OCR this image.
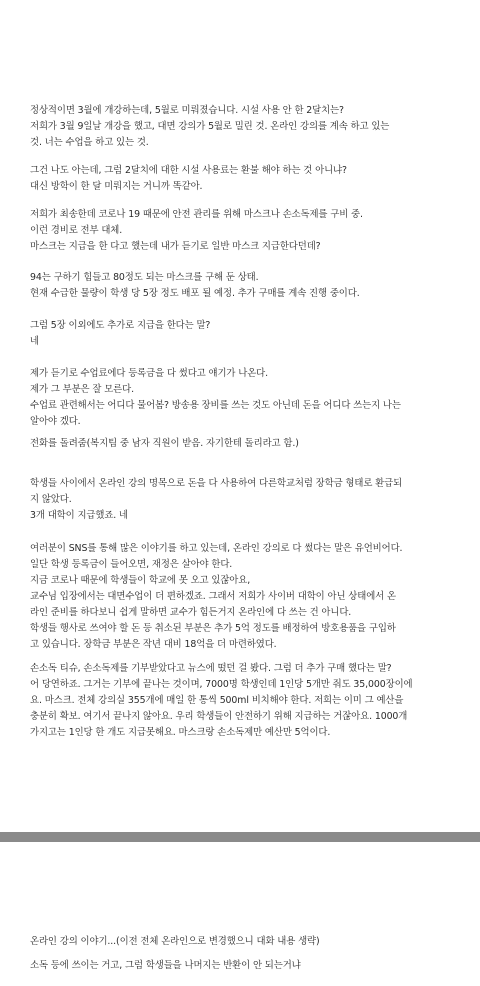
정상적이면 3월에 개강하는데, 5월로 미뤄졌습니다. 시설 사용 안 한 2달치는?
저희가 3월 9일날 개강을 했고, 대면 강의가 5월로 밀린 것. 온라인 강의를 계속 하고 있는
것. 너는 수업을 하고 있는 것.
그건 나도 아는데, 그럼 2달치에 대한 시설 사용료는 환불 해야 하는 것 아니냐?
대신 방학이 한 달 미뤄지는 거니까 똑같아.
저희가 최송한데 코로나 19 때문에 안전 관리를 위해 마스크나 손소독제를 구비 중.
이런 경비로 전부 대체.
마스크는 지급을 한 다고 했는데 내가 듣기로 일반 마스크 지급한다던데?
94는 구하기 힘들고 80정도 되는 마스크를 구해 둔 상태.
현재 수급한 물량이 학생 당 5장 정도 배포 될 예정. 추가 구매를 계속 진행 중이다.
그럼 5장 이외에도 추가로 지급을 한다는 말?
네
제가 듣기로 수업료에다 등록금을 다 썼다고 얘기가 나온다.
제가 그 부분은 잘 모른다.
수업료 관련해서는 어디다 물어봄? 방송용 장비를 쓰는 것도 아닌데 돈을 어디다 쓰는지 나는
알아야 겠다.
전화를 돌려줌(복지팀 중 남자 직원이 받음. 자기한테 돌리라고 함.)
학생들 사이에서 온라인 강의 명목으로 돈을 다 사용하여 다른학교처럼 장학금 형태로 환급되
지 않았다.
3개 대학이 지급했죠. 네
여러분이 SNS를 통해 많은 이야기를 하고 있는데, 온라인 강의로 다 썼다는 말은 유언비어다.
일단 학생 등록금이 들어오면, 재정은 살아야 한다.
지금 코로나 때문에 학생들이 학교에 못 오고 있잖아요,
교수님 입장에서는 대면수업이 더 편하겠죠. 그래서 저희가 사이버 대학이 아닌 상태에서 온
라인 준비를 하다보니 쉽게 말하면 교수가 힘든거지 온라인에 다 쓰는 건 아니다.
학생들 행사로 쓰여야 할 돈 등 취소된 부분은 추가 5억 정도를 배정하여 방호용품을 구입하
고 있습니다. 장학금 부분은 작년 대비 18억을 더 마련하였다.
손소독 티슈, 손소독제를 기부받았다고 뉴스에 떴던 걸 봤다. 그럼 더 추가 구매 했다는 말?
어 당연하죠. 그거는 기부에 끝나는 것이며, 7000명 학생인데 1인당 5개만 줘도 35,000장이에
요. 마스크. 전체 강의실 355개에 매일 한 통씩 500ml 비치해야 한다. 저희는 이미 그 예산을
충분히 확보. 여기서 끝나지 않아요. 우리 학생들이 안전하기 위해 지급하는 거잖아요. 1000개
가지고는 1인당 한 개도 지급못해요. 마스크랑 손소독제만 예산만 5억이다.
온라인 강의 이야기...(이전 전체 온라인으로 변경했으니 대화 내용 생략)
소독 등에 쓰이는 거고, 그럼 학생들을 나머지는 반환이 안 되는거냐
